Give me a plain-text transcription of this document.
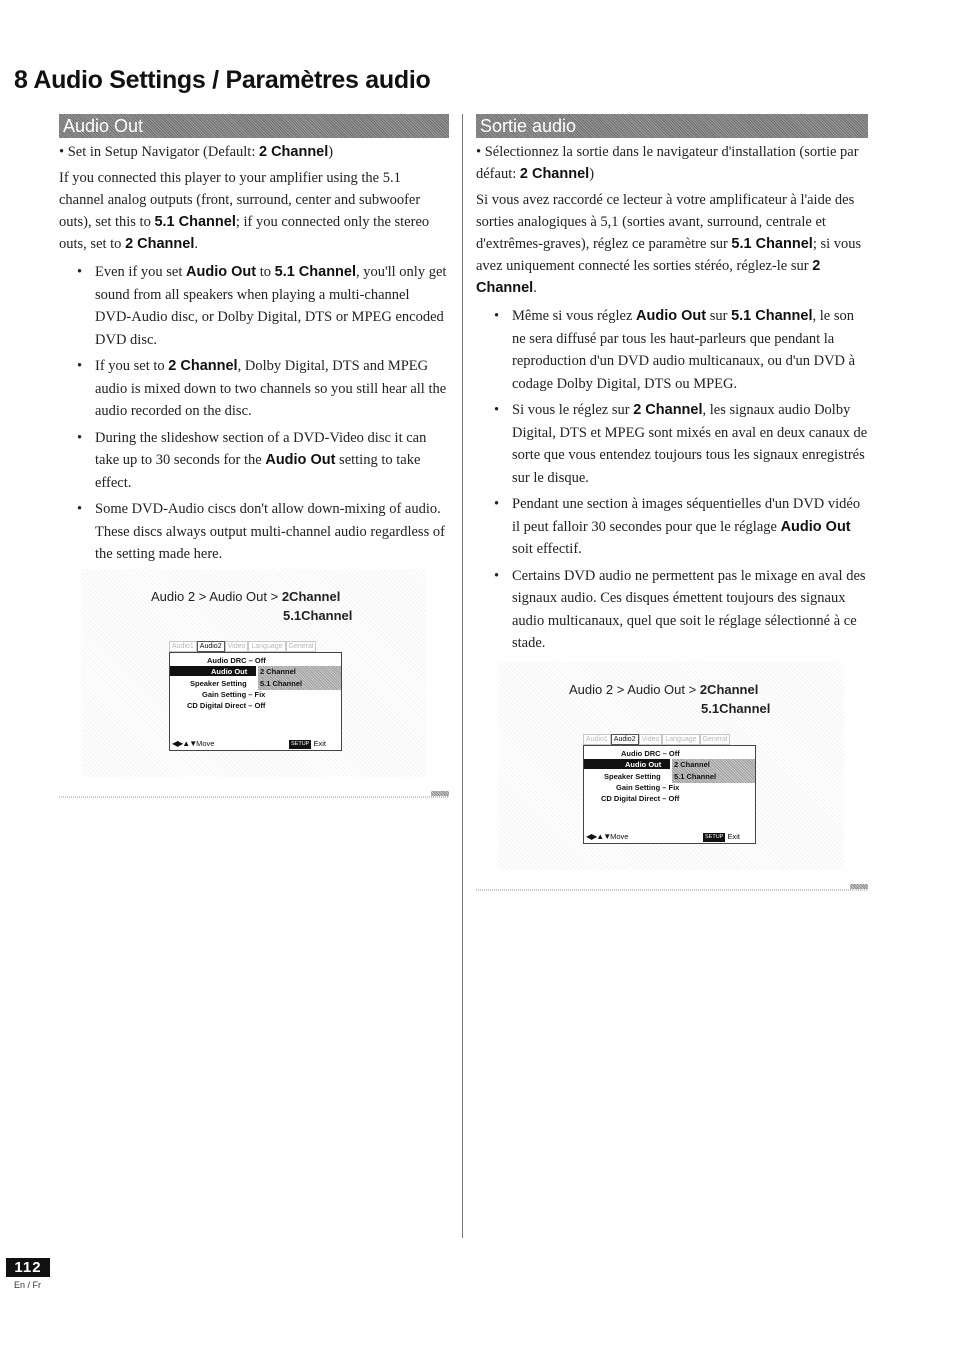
8 Audio Settings / Paramètres audio
Audio Out

• Set in Setup Navigator (Default: 2 Channel)

If you connected this player to your amplifier using the 5.1 channel analog outputs (front, surround, center and subwoofer outs), set this to 5.1 Channel; if you connected only the stereo outs, set to 2 Channel.

• Even if you set Audio Out to 5.1 Channel, you'll only get sound from all speakers when playing a multi-channel DVD-Audio disc, or Dolby Digital, DTS or MPEG encoded DVD disc.
• If you set to 2 Channel, Dolby Digital, DTS and MPEG audio is mixed down to two channels so you still hear all the audio recorded on the disc.
• During the slideshow section of a DVD-Video disc it can take up to 30 seconds for the Audio Out setting to take effect.
• Some DVD-Audio ciscs don't allow down-mixing of audio. These discs always output multi-channel audio regardless of the setting made here.
Audio 2 > Audio Out > 2Channel
5.1Channel
Audio1 Audio2 Video Language General
Audio DRC – Off
Audio Out
Speaker Setting
Gain Setting – Fix
CD Digital Direct – Off
2 Channel
5.1 Channel
◀▶▲▼Move	SETUP Exit
Sortie audio

• Sélectionnez la sortie dans le navigateur d'installation (sortie par défaut: 2 Channel)

Si vous avez raccordé ce lecteur à votre amplificateur à l'aide des sorties analogiques à 5,1 (sorties avant, surround, centrale et d'extrêmes-graves), réglez ce paramètre sur 5.1 Channel; si vous avez uniquement connecté les sorties stéréo, réglez-le sur 2 Channel.

• Même si vous réglez Audio Out sur 5.1 Channel, le son ne sera diffusé par tous les haut-parleurs que pendant la reproduction d'un DVD audio multicanaux, ou d'un DVD à codage Dolby Digital, DTS ou MPEG.
• Si vous le réglez sur 2 Channel, les signaux audio Dolby Digital, DTS et MPEG sont mixés en aval en deux canaux de sorte que vous entendez toujours tous les signaux enregistrés sur le disque.
• Pendant une section à images séquentielles d'un DVD vidéo il peut falloir 30 secondes pour que le réglage Audio Out soit effectif.
• Certains DVD audio ne permettent pas le mixage en aval des signaux audio. Ces disques émettent toujours des signaux audio multicanaux, quel que soit le réglage sélectionné à ce stade.
Audio 2 > Audio Out > 2Channel
5.1Channel
Audio1 Audio2 Video Language General
Audio DRC – Off
Audio Out
Speaker Setting
Gain Setting – Fix
CD Digital Direct – Off
2 Channel
5.1 Channel
◀▶▲▼Move	SETUP Exit
112
En / Fr
